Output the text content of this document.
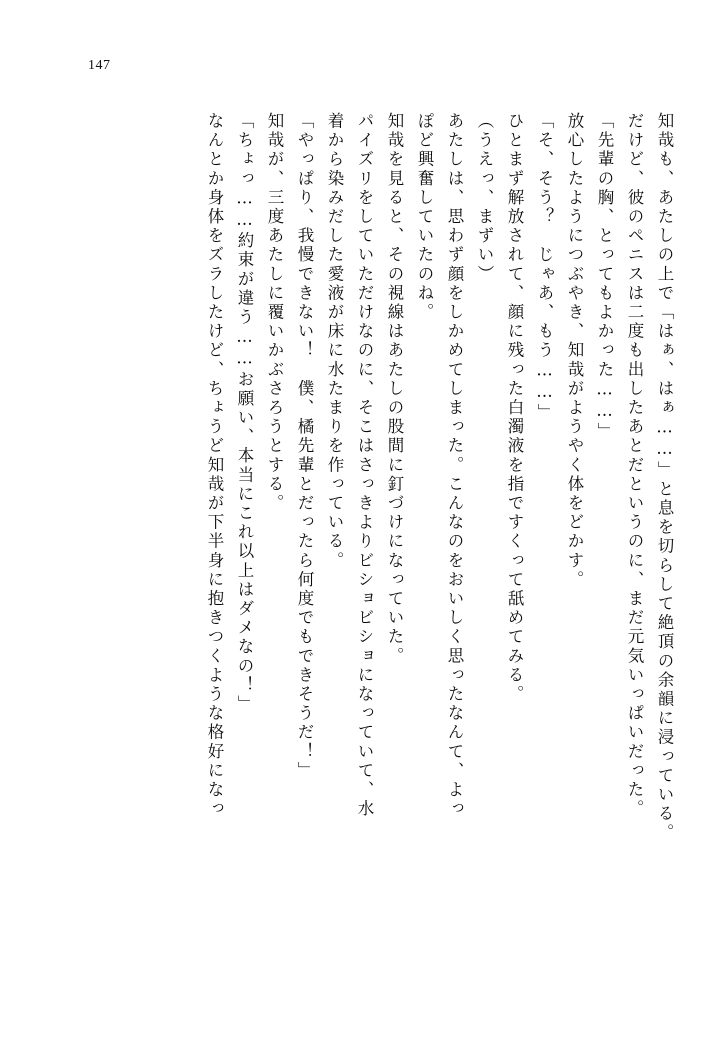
147
知哉も、あたしの上で「はぁ、はぁ……」と息を切らして絶頂の余韻に浸っている。
だけど、彼のペニスは二度も出したあとだというのに、まだ元気いっぱいだった。
「先輩の胸、とってもよかった……」
放心したようにつぶやき、知哉がようやく体をどかす。
「そ、そう？　じゃあ、もう……」
ひとまず解放されて、顔に残った白濁液を指ですくって舐めてみる。
（うえっ、まずい）
あたしは、思わず顔をしかめてしまった。こんなのをおいしく思ったなんて、よっ
ぽど興奮していたのね。
知哉を見ると、その視線はあたしの股間に釘づけになっていた。
パイズリをしていただけなのに、そこはさっきよりビショビショになっていて、水
着から染みだした愛液が床に水たまりを作っている。
「やっぱり、我慢できない！　僕、橘先輩とだったら何度でもできそうだ！」
知哉が、三度あたしに覆いかぶさろうとする。
「ちょっ……約束が違う……お願い、本当にこれ以上はダメなの！」
なんとか身体をズラしたけど、ちょうど知哉が下半身に抱きつくような格好になっ
